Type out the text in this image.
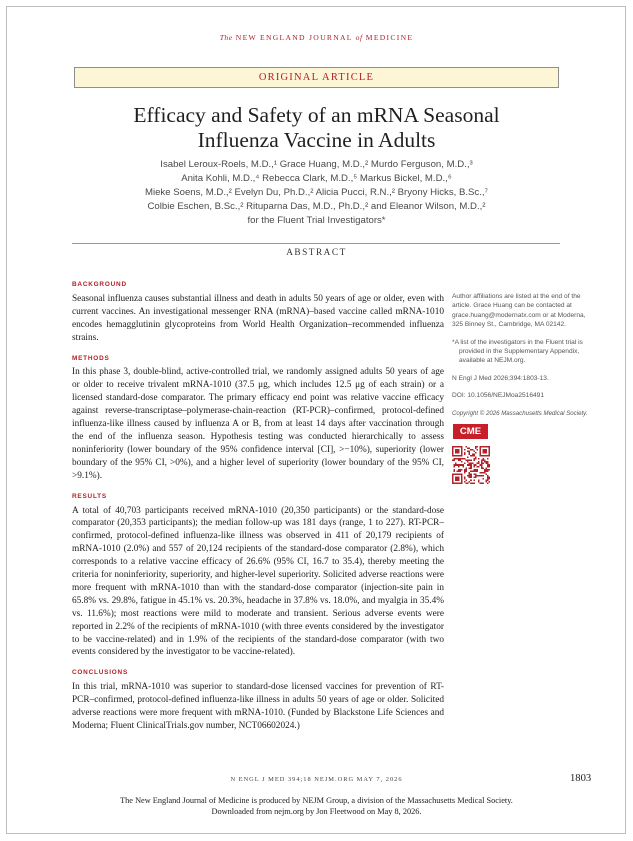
The NEW ENGLAND JOURNAL of MEDICINE
ORIGINAL ARTICLE
Efficacy and Safety of an mRNA Seasonal
Influenza Vaccine in Adults
Isabel Leroux-Roels, M.D.,¹ Grace Huang, M.D.,² Murdo Ferguson, M.D.,³
Anita Kohli, M.D.,⁴ Rebecca Clark, M.D.,⁵ Markus Bickel, M.D.,⁶
Mieke Soens, M.D.,² Evelyn Du, Ph.D.,² Alicia Pucci, R.N.,² Bryony Hicks, B.Sc.,⁷
Colbie Eschen, B.Sc.,² Rituparna Das, M.D., Ph.D.,² and Eleanor Wilson, M.D.,²
for the Fluent Trial Investigators*
ABSTRACT
BACKGROUND

Seasonal influenza causes substantial illness and death in adults 50 years of age or older, even with current vaccines. An investigational messenger RNA (mRNA)–based vaccine called mRNA-1010 encodes hemagglutinin glycoproteins from World Health Organization–recommended influenza strains.

METHODS

In this phase 3, double-blind, active-controlled trial, we randomly assigned adults 50 years of age or older to receive trivalent mRNA-1010 (37.5 μg, which includes 12.5 μg of each strain) or a licensed standard-dose comparator. The primary efficacy end point was relative vaccine efficacy against reverse-transcriptase–polymerase-chain-reaction (RT-PCR)–confirmed, protocol-defined influenza-like illness caused by influenza A or B, from at least 14 days after vaccination through the end of the influenza season. Hypothesis testing was conducted hierarchically to assess noninferiority (lower boundary of the 95% confidence interval [CI], >−10%), superiority (lower boundary of the 95% CI, >0%), and a higher level of superiority (lower boundary of the 95% CI, >9.1%).

RESULTS

A total of 40,703 participants received mRNA-1010 (20,350 participants) or the standard-dose comparator (20,353 participants); the median follow-up was 181 days (range, 1 to 227). RT-PCR–confirmed, protocol-defined influenza-like illness was observed in 411 of 20,179 recipients of mRNA-1010 (2.0%) and 557 of 20,124 recipients of the standard-dose comparator (2.8%), which corresponds to a relative vaccine efficacy of 26.6% (95% CI, 16.7 to 35.4), thereby meeting the criteria for noninferiority, superiority, and higher-level superiority. Solicited adverse reactions were more frequent with mRNA-1010 than with the standard-dose comparator (injection-site pain in 65.8% vs. 29.8%, fatigue in 45.1% vs. 20.3%, headache in 37.8% vs. 18.0%, and myalgia in 35.4% vs. 11.6%); most reactions were mild to moderate and transient. Serious adverse events were reported in 2.2% of the recipients of mRNA-1010 (with three events considered by the investigator to be vaccine-related) and in 1.9% of the recipients of the standard-dose comparator (with two events considered by the investigator to be vaccine-related).

CONCLUSIONS

In this trial, mRNA-1010 was superior to standard-dose licensed vaccines for prevention of RT-PCR–confirmed, protocol-defined influenza-like illness in adults 50 years of age or older. Solicited adverse reactions were more frequent with mRNA-1010. (Funded by Blackstone Life Sciences and Moderna; Fluent ClinicalTrials.gov number, NCT06602024.)

Author affiliations are listed at the end of the article. Grace Huang can be contacted at grace.huang@modernatx.com or at Moderna, 325 Binney St., Cambridge, MA 02142.

*A list of the investigators in the Fluent trial is provided in the Supplementary Appendix, available at NEJM.org.

N Engl J Med 2026;394:1803-13.

DOI: 10.1056/NEJMoa2516491

Copyright © 2026 Massachusetts Medical Society.

CME
N ENGL J MED 394;18 NEJM.ORG MAY 7, 2026	1803
The New England Journal of Medicine is produced by NEJM Group, a division of the Massachusetts Medical Society.
Downloaded from nejm.org by Jon Fleetwood on May 8, 2026.
